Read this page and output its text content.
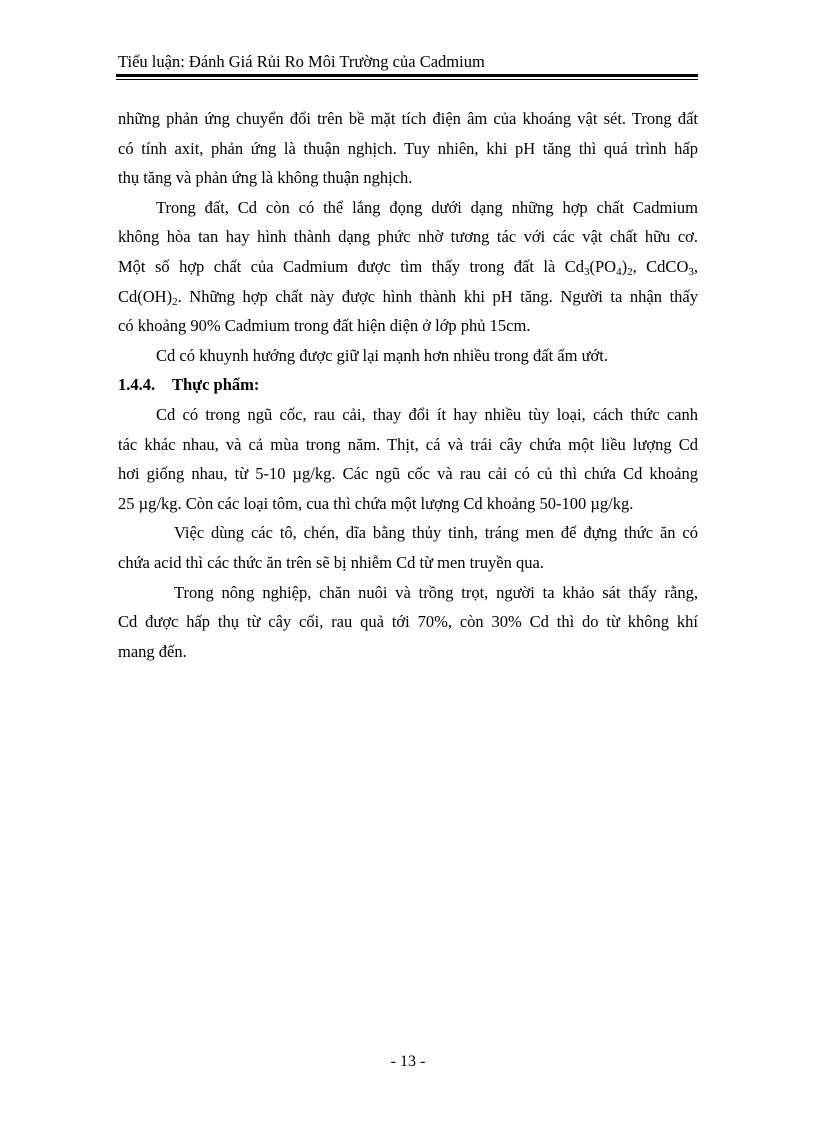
Tiểu luận: Đánh Giá Rủi Ro Môi Trường của Cadmium

những phản ứng chuyển đổi trên bề mặt tích điện âm của khoáng vật sét. Trong đất
có tính axit, phản ứng là thuận nghịch. Tuy nhiên, khi pH tăng thì quá trình hấp
thụ tăng và phản ứng là không thuận nghịch.

Trong đất, Cd còn có thể lắng đọng dưới dạng những hợp chất Cadmium
không hòa tan hay hình thành dạng phức nhờ tương tác với các vật chất hữu cơ.
Một số hợp chất của Cadmium được tìm thấy trong đất là $Cd_3(PO_4)_2$, CdCO$_3$,
$Cd(OH)_2$. Những hợp chất này được hình thành khi pH tăng. Người ta nhận thấy
có khoảng 90% Cadmium trong đất hiện diện ở lớp phủ 15cm.

Cd có khuynh hướng được giữ lại mạnh hơn nhiều trong đất ẩm ướt.

1.4.4. Thực phẩm:

Cd có trong ngũ cốc, rau cải, thay đổi ít hay nhiều tùy loại, cách thức canh
tác khác nhau, và cả mùa trong năm. Thịt, cá và trái cây chứa một liều lượng Cd
hơi giống nhau, từ 5-10 µg/kg. Các ngũ cốc và rau cải có củ thì chứa Cd khoảng
25 µg/kg. Còn các loại tôm, cua thì chứa một lượng Cd khoảng 50-100 µg/kg.

Việc dùng các tô, chén, dĩa bằng thủy tinh, tráng men để đựng thức ăn có
chứa acid thì các thức ăn trên sẽ bị nhiễm Cd từ men truyền qua.

Trong nông nghiệp, chăn nuôi và trồng trọt, người ta khảo sát thấy rằng,
Cd được hấp thụ từ cây cối, rau quả tới 70%, còn 30% Cd thì do từ không khí
mang đến.

- 13 -
